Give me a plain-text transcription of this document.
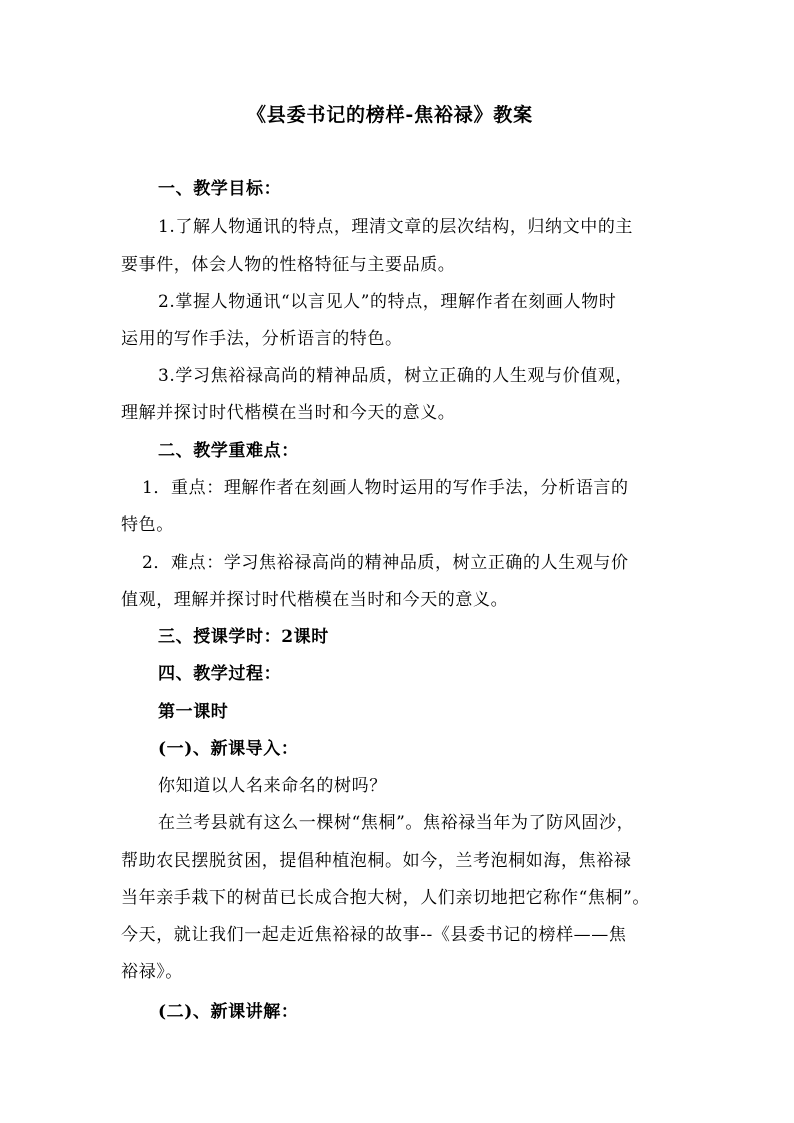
《县委书记的榜样-焦裕禄》教案
一、教学目标：
1.了解人物通讯的特点，理清文章的层次结构，归纳文中的主
要事件，体会人物的性格特征与主要品质。
2.掌握人物通讯“以言见人”的特点，理解作者在刻画人物时
运用的写作手法，分析语言的特色。
3.学习焦裕禄高尚的精神品质，树立正确的人生观与价值观，
理解并探讨时代楷模在当时和今天的意义。
二、教学重难点：
1．重点：理解作者在刻画人物时运用的写作手法，分析语言的
特色。
2．难点：学习焦裕禄高尚的精神品质，树立正确的人生观与价
值观，理解并探讨时代楷模在当时和今天的意义。
三、授课学时：2课时
四、教学过程：
第一课时
(一)、新课导入：
你知道以人名来命名的树吗？
在兰考县就有这么一棵树“焦桐”。焦裕禄当年为了防风固沙，
帮助农民摆脱贫困，提倡种植泡桐。如今，兰考泡桐如海，焦裕禄
当年亲手栽下的树苗已长成合抱大树，人们亲切地把它称作“焦桐”。
今天，就让我们一起走近焦裕禄的故事--《县委书记的榜样——焦
裕禄》。
(二)、新课讲解：
